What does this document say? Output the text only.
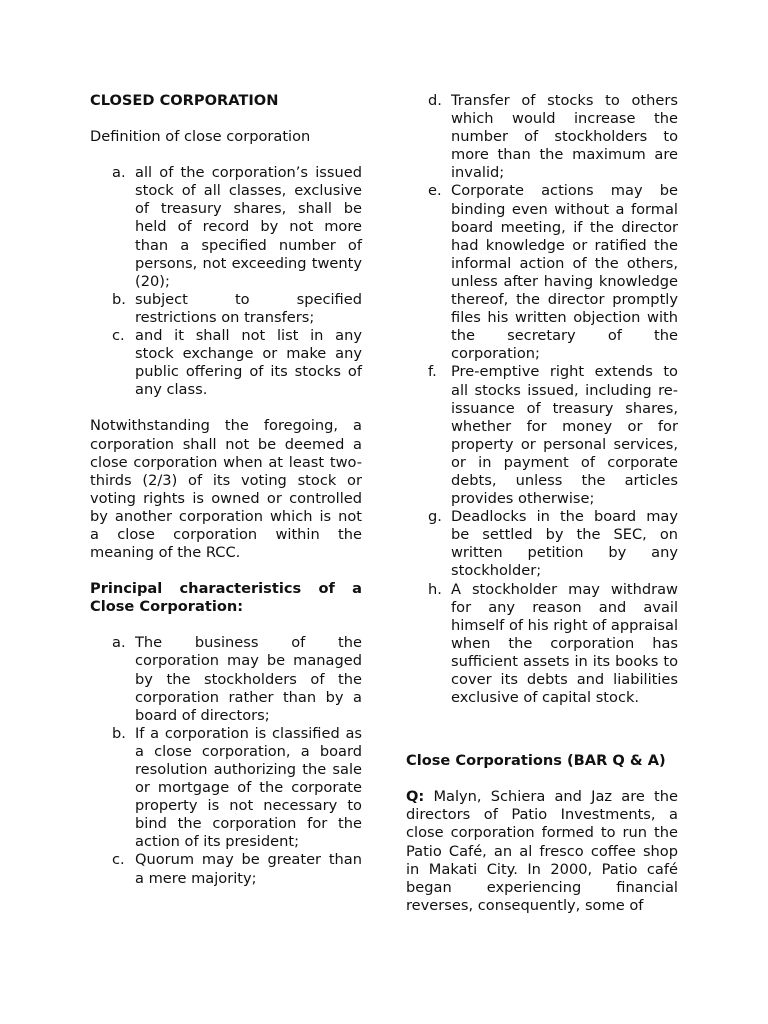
CLOSED CORPORATION

Definition of close corporation

a. all of the corporation’s issued stock of all classes, exclusive of treasury shares, shall be held of record by not more than a specified number of persons, not exceeding twenty (20);
b. subject to specified restrictions on transfers;
c. and it shall not list in any stock exchange or make any public offering of its stocks of any class.

Notwithstanding the foregoing, a corporation shall not be deemed a close corporation when at least two-thirds (2/3) of its voting stock or voting rights is owned or controlled by another corporation which is not a close corporation within the meaning of the RCC.

Principal characteristics of a Close Corporation:
a. The business of the corporation may be managed by the stockholders of the corporation rather than by a board of directors;
b. If a corporation is classified as a close corporation, a board resolution authorizing the sale or mortgage of the corporate property is not necessary to bind the corporation for the action of its president;
c. Quorum may be greater than a mere majority;
d. Transfer of stocks to others which would increase the number of stockholders to more than the maximum are invalid;
e. Corporate actions may be binding even without a formal board meeting, if the director had knowledge or ratified the informal action of the others, unless after having knowledge thereof, the director promptly files his written objection with the secretary of the corporation;
f. Pre-emptive right extends to all stocks issued, including re-issuance of treasury shares, whether for money or for property or personal services, or in payment of corporate debts, unless the articles provides otherwise;
g. Deadlocks in the board may be settled by the SEC, on written petition by any stockholder;
h. A stockholder may withdraw for any reason and avail himself of his right of appraisal when the corporation has sufficient assets in its books to cover its debts and liabilities exclusive of capital stock.
Close Corporations (BAR Q & A)

Q: Malyn, Schiera and Jaz are the directors of Patio Investments, a close corporation formed to run the Patio Café, an al fresco coffee shop in Makati City. In 2000, Patio café began experiencing financial reverses, consequently, some of
